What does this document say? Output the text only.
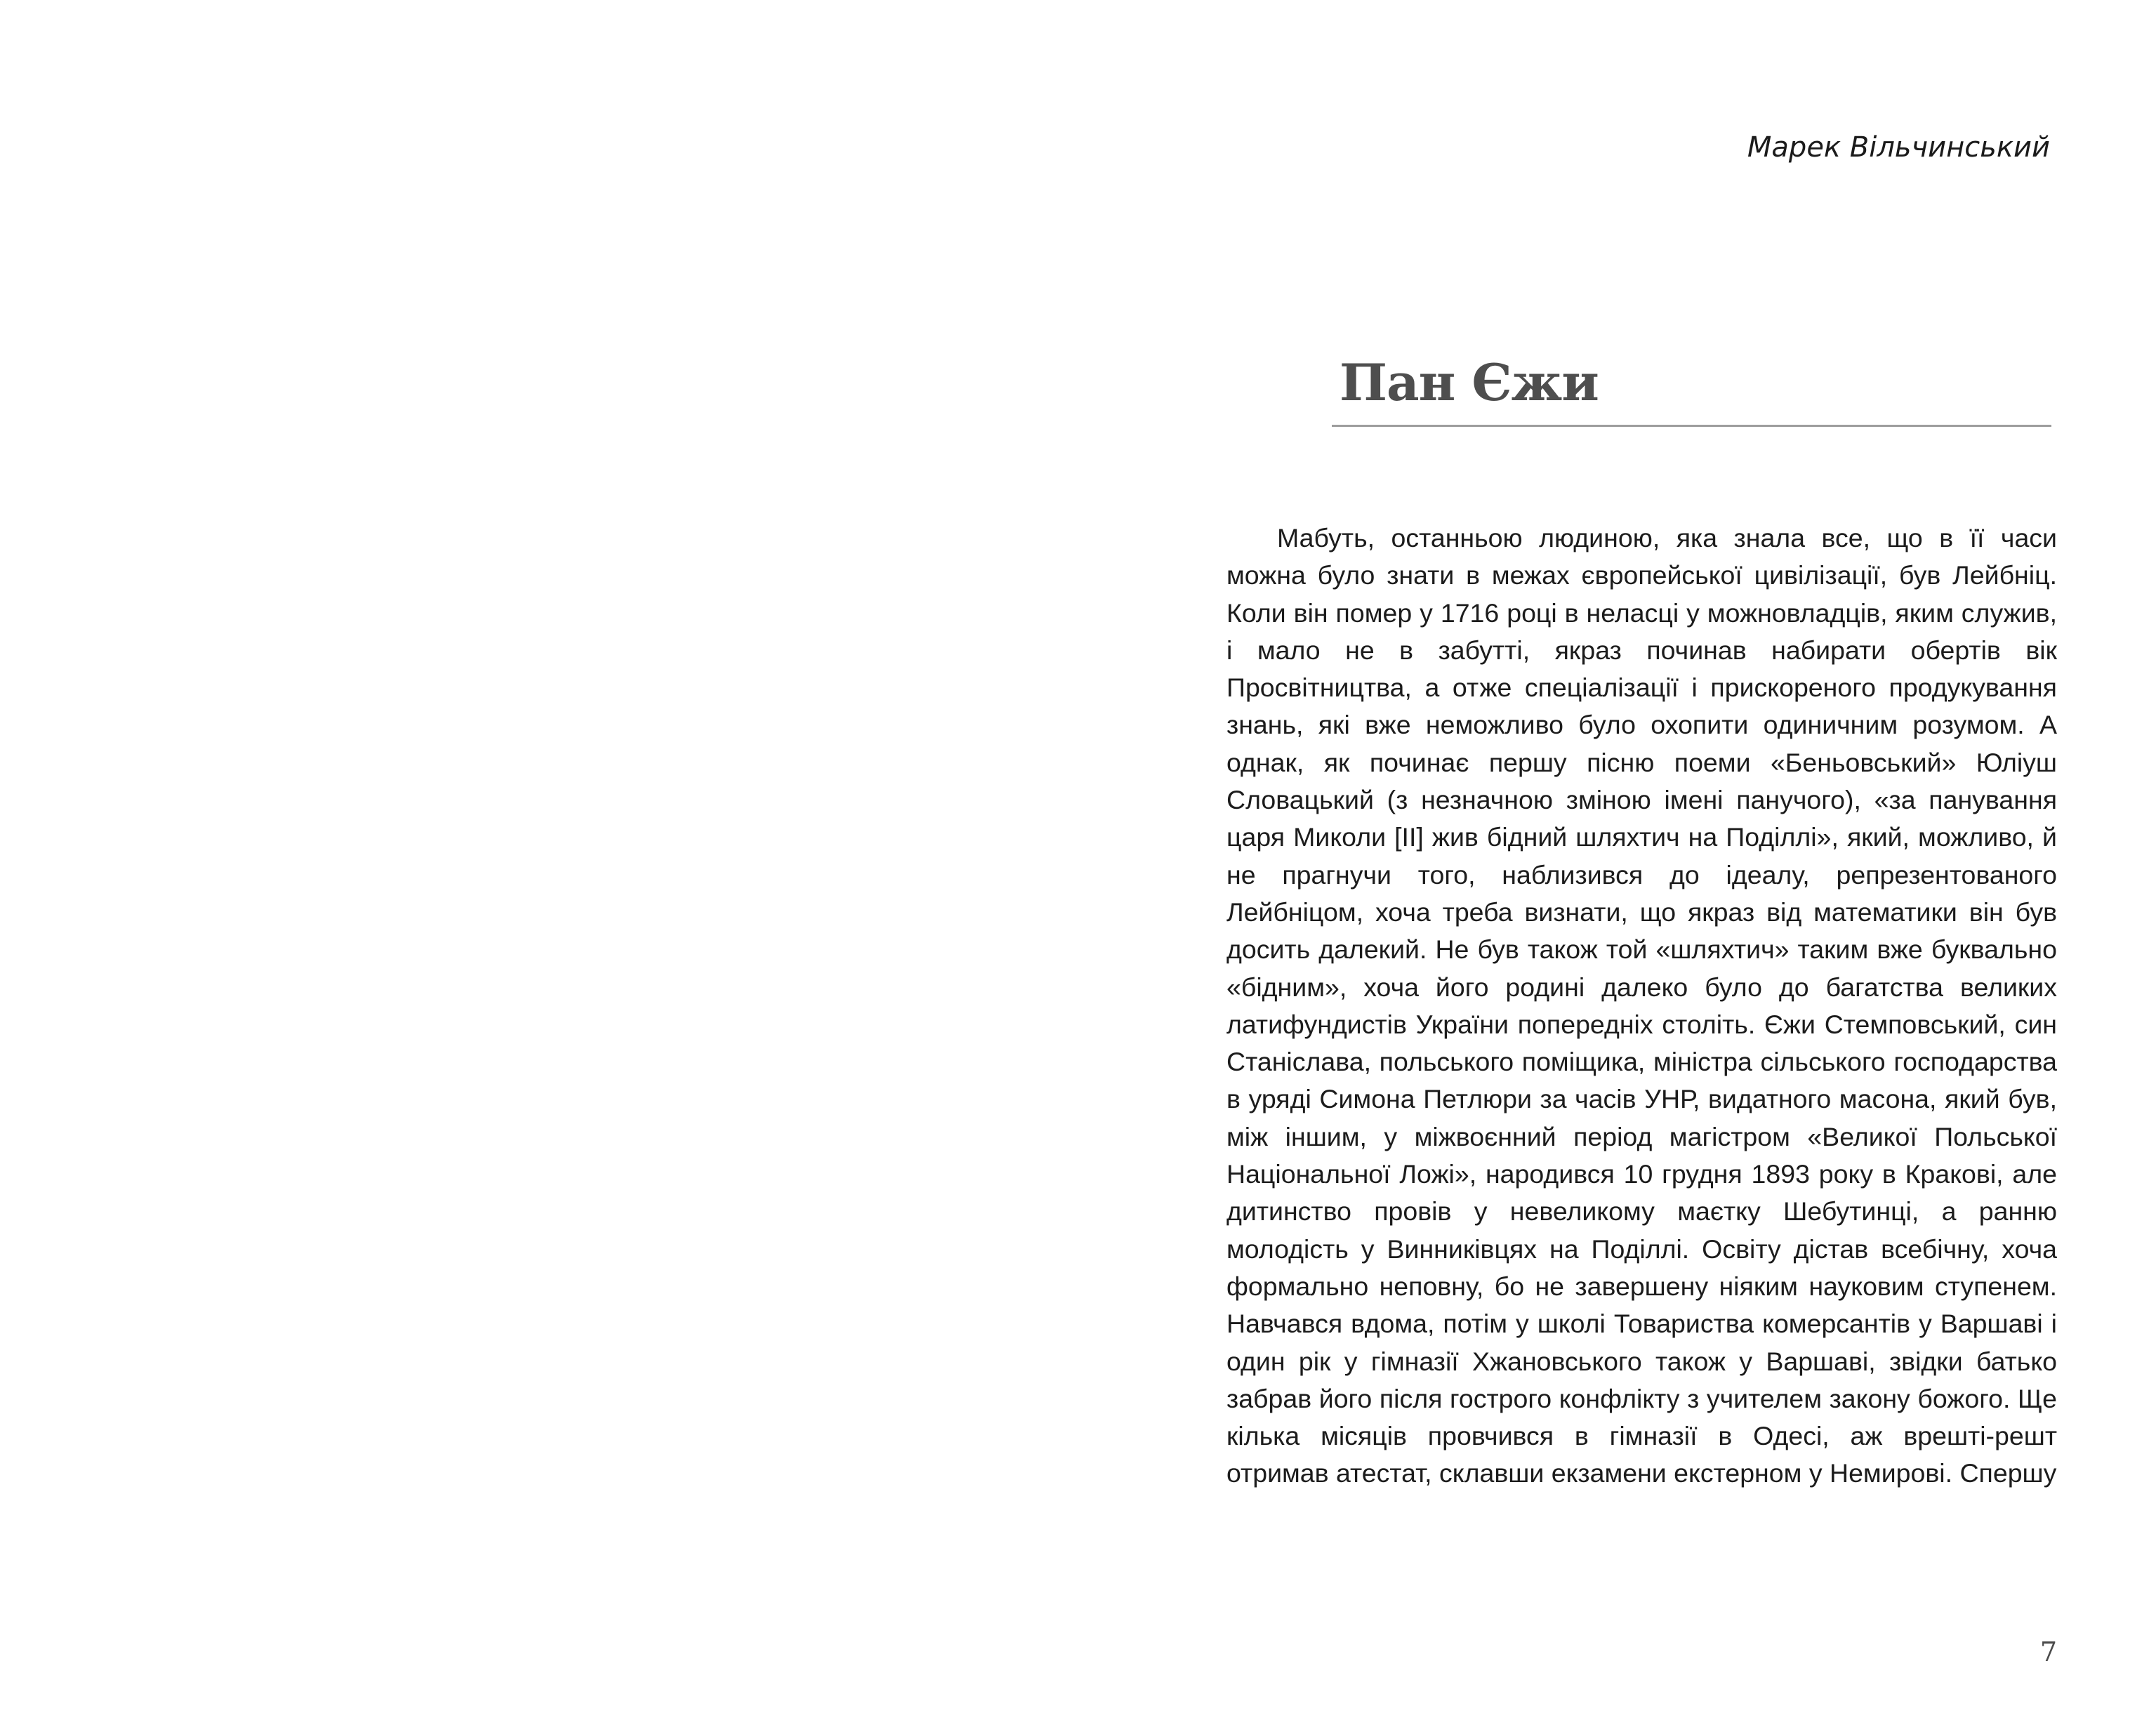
Марек Вільчинський
Пан Єжи
Мабуть, останньою людиною, яка знала все, що в її часи можна було знати в межах європейської цивілізації, був Лейбніц. Коли він помер у 1716 році в неласці у можновладців, яким служив, і мало не в забутті, якраз починав набирати обертів вік Просвітництва, а отже спеціалізації і прискореного продукування знань, які вже неможливо було охопити одиничним розумом. А однак, як починає першу пісню поеми «Беньовський» Юліуш Словацький (з незначною зміною імені панучого), «за панування царя Миколи [ІІ] жив бідний шляхтич на Поділлі», який, можливо, й не прагнучи того, наблизився до ідеалу, репрезентованого Лейбніцом, хоча треба визнати, що якраз від математики він був досить далекий. Не був також той «шляхтич» таким вже буквально «бідним», хоча його родині далеко було до багатства великих латифундистів України попередніх століть. Єжи Стемповський, син Станіслава, польського поміщика, міністра сільського господарства в уряді Симона Петлюри за часів УНР, видатного масона, який був, між іншим, у міжвоєнний період магістром «Великої Польської Національної Ложі», народився 10 грудня 1893 року в Кракові, але дитинство провів у невеликому маєтку Шебутинці, а ранню молодість у Винниківцях на Поділлі. Освіту дістав всебічну, хоча формально неповну, бо не завершену ніяким науковим ступенем. Навчався вдома, потім у школі Товариства комерсантів у Варшаві і один рік у гімназії Хжановського також у Варшаві, звідки батько забрав його після гострого конфлікту з учителем закону божого. Ще кілька місяців провчився в гімназії в Одесі, аж врешті-решт отримав атестат, склавши екзамени екстерном у Немирові. Спершу
7
